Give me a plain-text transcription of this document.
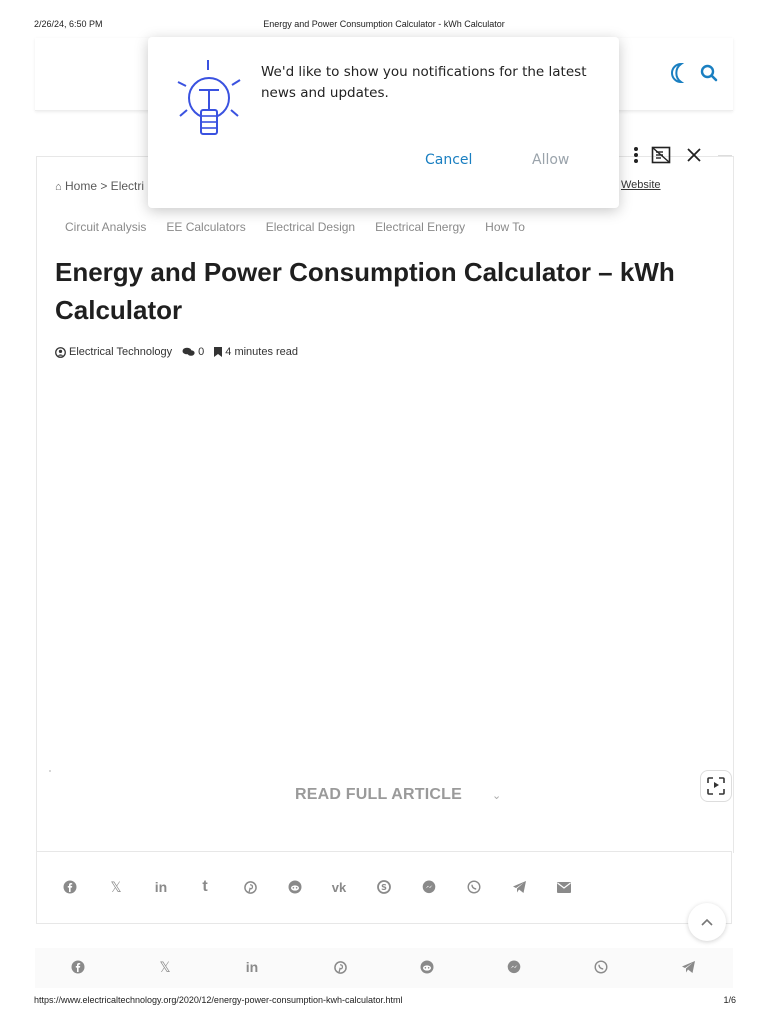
2/26/24, 6:50 PM	Energy and Power Consumption Calculator - kWh Calculator
⌂ Home > Electri	Website
Circuit Analysis	EE Calculators	Electrical Design	Electrical Energy	How To
Energy and Power Consumption Calculator – kWh Calculator
Electrical Technology 0 4 minutes read
READ FULL ARTICLE	⌄
𝕏 in	t	vk	S
𝕏	in
We'd like to show you notifications for the latest news and updates.
Cancel	Allow
https://www.electricaltechnology.org/2020/12/energy-power-consumption-kwh-calculator.html	1/6
